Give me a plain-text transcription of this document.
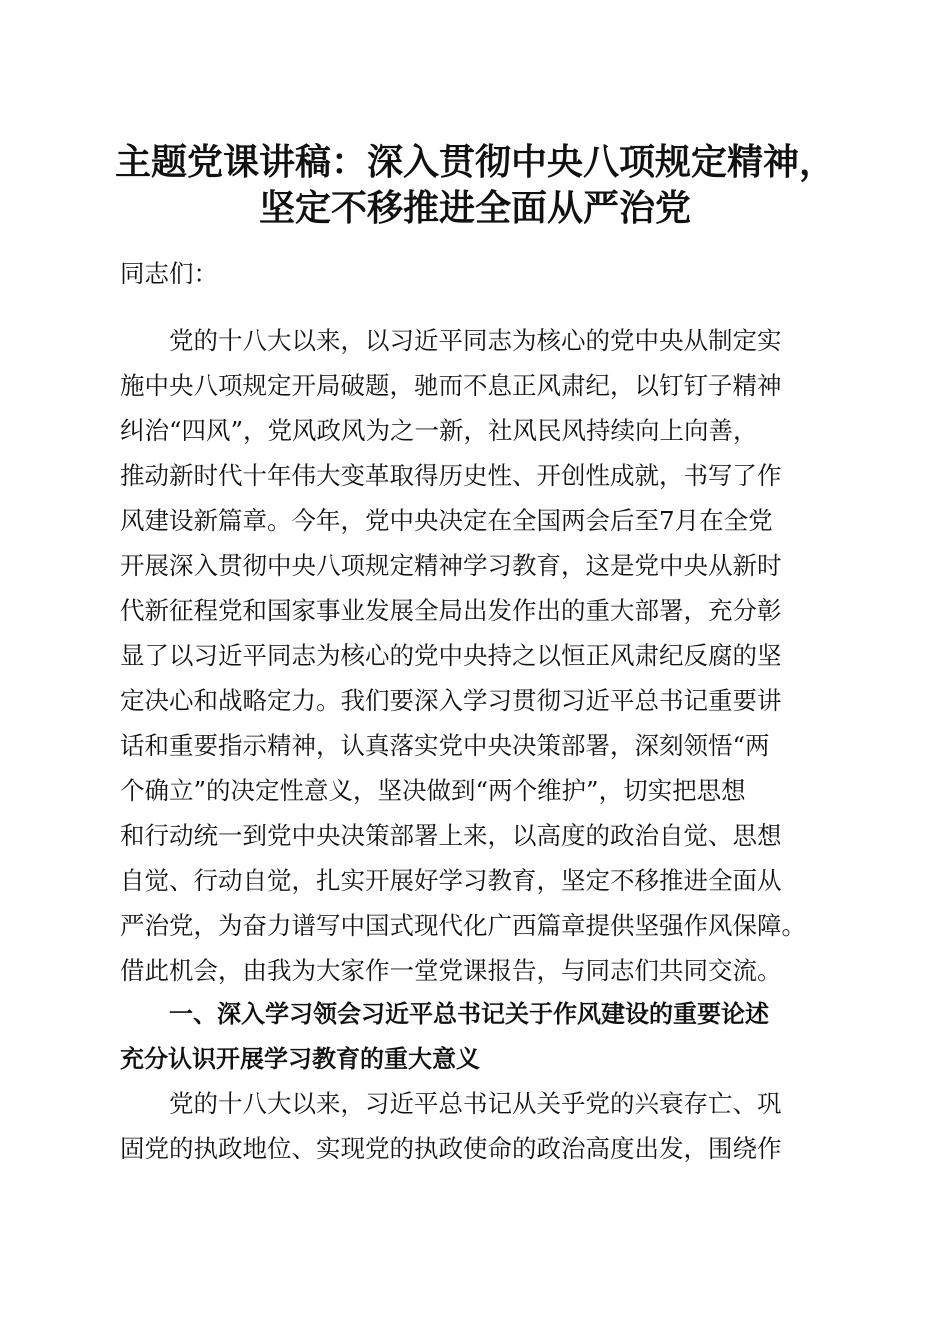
主题党课讲稿：深入贯彻中央八项规定精神，
坚定不移推进全面从严治党
同志们：
党的十八大以来，以习近平同志为核心的党中央从制定实
施中央八项规定开局破题，驰而不息正风肃纪，以钉钉子精神
纠治“四风”，党风政风为之一新，社风民风持续向上向善，
推动新时代十年伟大变革取得历史性、开创性成就，书写了作
风建设新篇章。今年，党中央决定在全国两会后至7月在全党
开展深入贯彻中央八项规定精神学习教育，这是党中央从新时
代新征程党和国家事业发展全局出发作出的重大部署，充分彰
显了以习近平同志为核心的党中央持之以恒正风肃纪反腐的坚
定决心和战略定力。我们要深入学习贯彻习近平总书记重要讲
话和重要指示精神，认真落实党中央决策部署，深刻领悟“两
个确立”的决定性意义，坚决做到“两个维护”，切实把思想
和行动统一到党中央决策部署上来，以高度的政治自觉、思想
自觉、行动自觉，扎实开展好学习教育，坚定不移推进全面从
严治党，为奋力谱写中国式现代化广西篇章提供坚强作风保障。
借此机会，由我为大家作一堂党课报告，与同志们共同交流。
一、深入学习领会习近平总书记关于作风建设的重要论述
充分认识开展学习教育的重大意义
党的十八大以来，习近平总书记从关乎党的兴衰存亡、巩
固党的执政地位、实现党的执政使命的政治高度出发，围绕作
